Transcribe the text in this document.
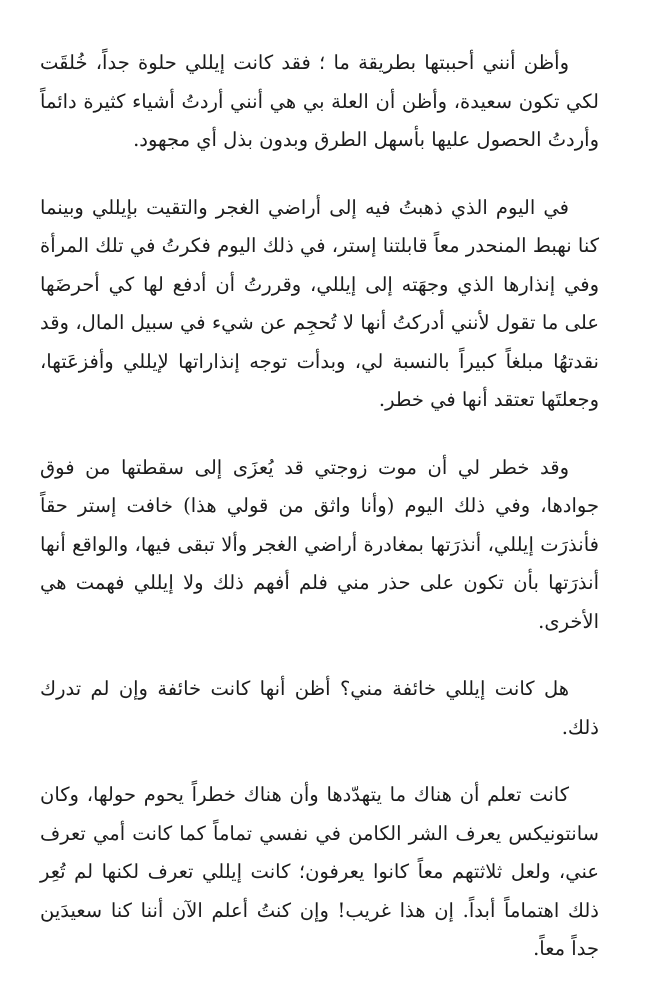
وأظن أنني أحببتها بطريقة ما ؛ فقد كانت إيللي حلوة جداً، خُلقَت لكي تكون سعيدة، وأظن أن العلة بي هي أنني أردتُ أشياء كثيرة دائماً وأردتُ الحصول عليها بأسهل الطرق وبدون بذل أي مجهود.

في اليوم الذي ذهبتُ فيه إلى أراضي الغجر والتقيت بإيللي وبينما كنا نهبط المنحدر معاً قابلتنا إستر، في ذلك اليوم فكرتُ في تلك المرأة وفي إنذارها الذي وجهَته إلى إيللي، وقررتُ أن أدفع لها كي أحرضَها على ما تقول لأنني أدركتُ أنها لا تُحجِم عن شيء في سبيل المال، وقد نقدتهُا مبلغاً كبيراً بالنسبة لي، وبدأت توجه إنذاراتها لإيللي وأفزعَتها، وجعلتَها تعتقد أنها في خطر.

وقد خطر لي أن موت زوجتي قد يُعزَى إلى سقطتها من فوق جوادها، وفي ذلك اليوم (وأنا واثق من قولي هذا) خافت إستر حقاً فأنذرَت إيللي، أنذرَتها بمغادرة أراضي الغجر وألا تبقى فيها، والواقع أنها أنذرَتها بأن تكون على حذر مني فلم أفهم ذلك ولا إيللي فهمت هي الأخرى.

هل كانت إيللي خائفة مني؟ أظن أنها كانت خائفة وإن لم تدرك ذلك.

كانت تعلم أن هناك ما يتهدّدها وأن هناك خطراً يحوم حولها، وكان سانتونيكس يعرف الشر الكامن في نفسي تماماً كما كانت أمي تعرف عني، ولعل ثلاثتهم معاً كانوا يعرفون؛ كانت إيللي تعرف لكنها لم تُعِر ذلك اهتماماً أبداً. إن هذا غريب! وإن كنتُ أعلم الآن أننا كنا سعيدَين جداً معاً.
